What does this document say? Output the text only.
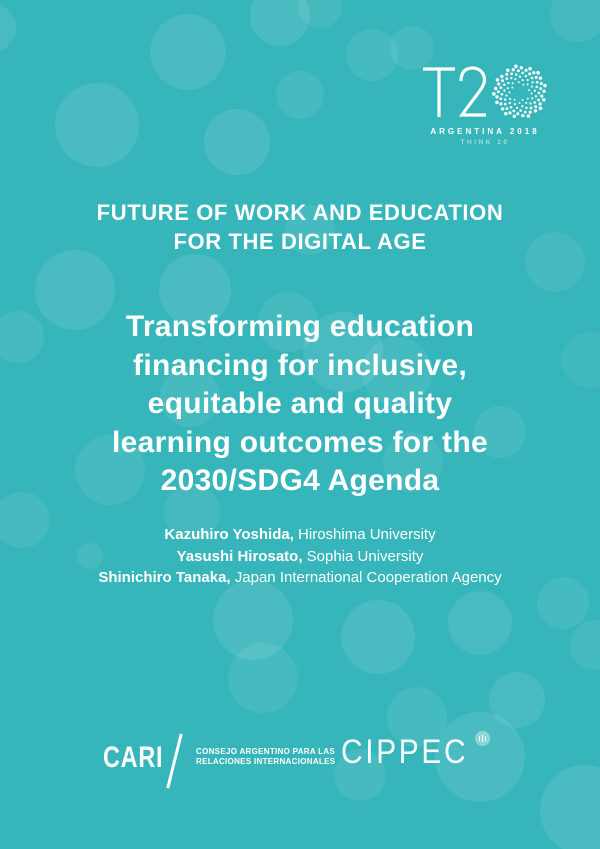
ARGENTINA 2018
THINK 20
FUTURE OF WORK AND EDUCATION
FOR THE DIGITAL AGE
Transforming education
financing for inclusive,
equitable and quality
learning outcomes for the
2030/SDG4 Agenda
Kazuhiro Yoshida, Hiroshima University
Yasushi Hirosato, Sophia University
Shinichiro Tanaka, Japan International Cooperation Agency
CARI	CONSEJO ARGENTINO PARA LAS
RELACIONES INTERNACIONALES CIPPEC
